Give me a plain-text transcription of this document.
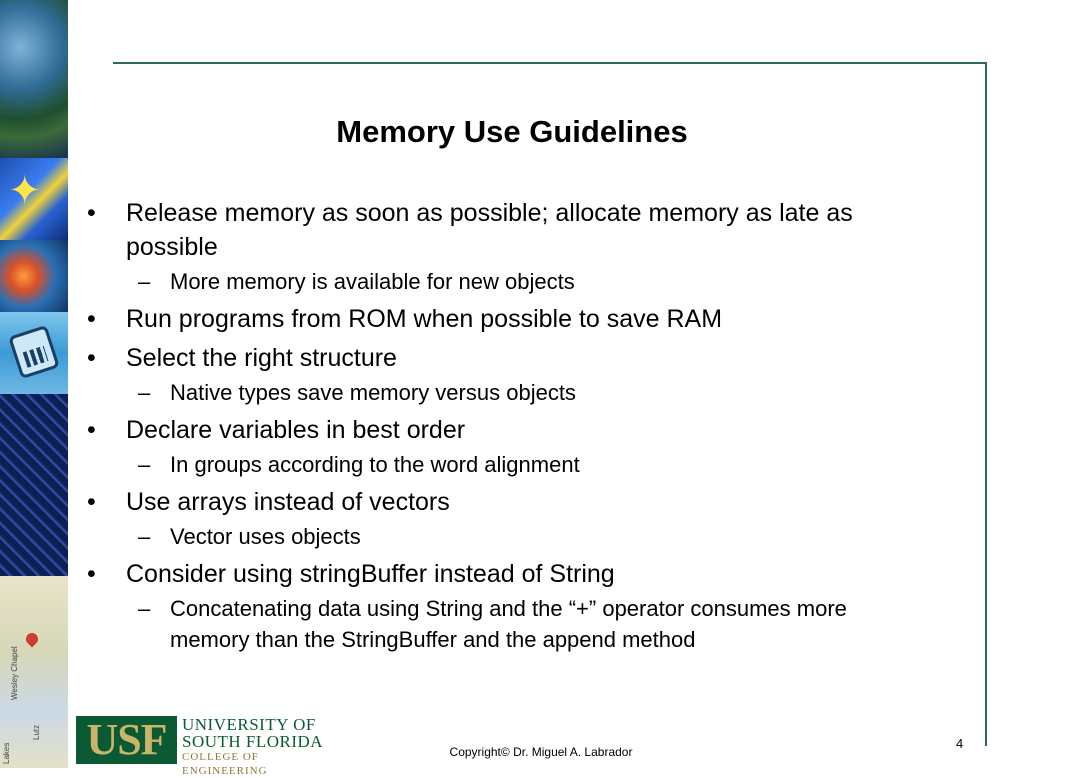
✦
Wesley Chapel
Lutz
Lakes
Memory Use Guidelines
• Release memory as soon as possible; allocate memory as late as possible
– More memory is available for new objects
• Run programs from ROM when possible to save RAM
• Select the right structure
– Native types save memory versus objects
• Declare variables in best order
– In groups according to the word alignment
• Use arrays instead of vectors
– Vector uses objects
• Consider using stringBuffer instead of String
– Concatenating data using String and the “+” operator consumes more memory than the StringBuffer and the append method
USF UNIVERSITY OF
SOUTH FLORIDA
COLLEGE OF ENGINEERING
Copyright© Dr. Miguel A. Labrador
4
